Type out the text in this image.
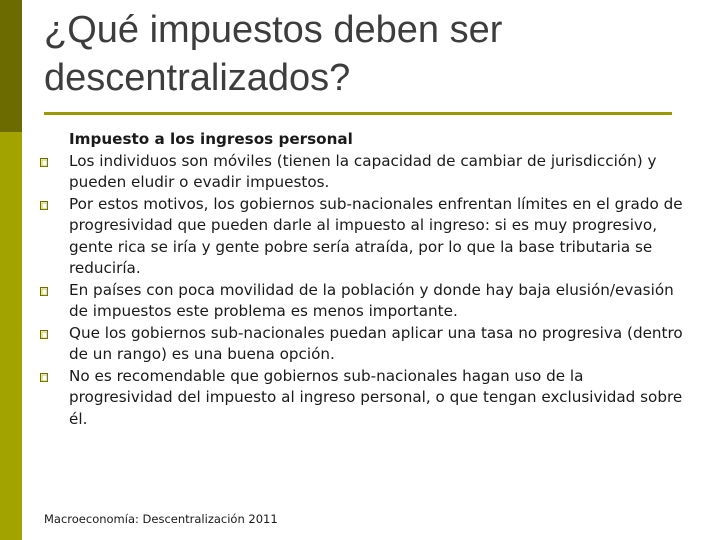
¿Qué impuestos deben ser
descentralizados?

Impuesto a los ingresos personal

Los individuos son móviles (tienen la capacidad de cambiar de jurisdicción) y pueden eludir o evadir impuestos.
Por estos motivos, los gobiernos sub-nacionales enfrentan límites en el grado de progresividad que pueden darle al impuesto al ingreso: si es muy progresivo, gente rica se iría y gente pobre sería atraída, por lo que la base tributaria se reduciría.
En países con poca movilidad de la población y donde hay baja elusión/evasión de impuestos este problema es menos importante.
Que los gobiernos sub-nacionales puedan aplicar una tasa no progresiva (dentro de un rango) es una buena opción.
No es recomendable que gobiernos sub-nacionales hagan uso de la progresividad del impuesto al ingreso personal, o que tengan exclusividad sobre él.
Macroeconomía: Descentralización 2011
